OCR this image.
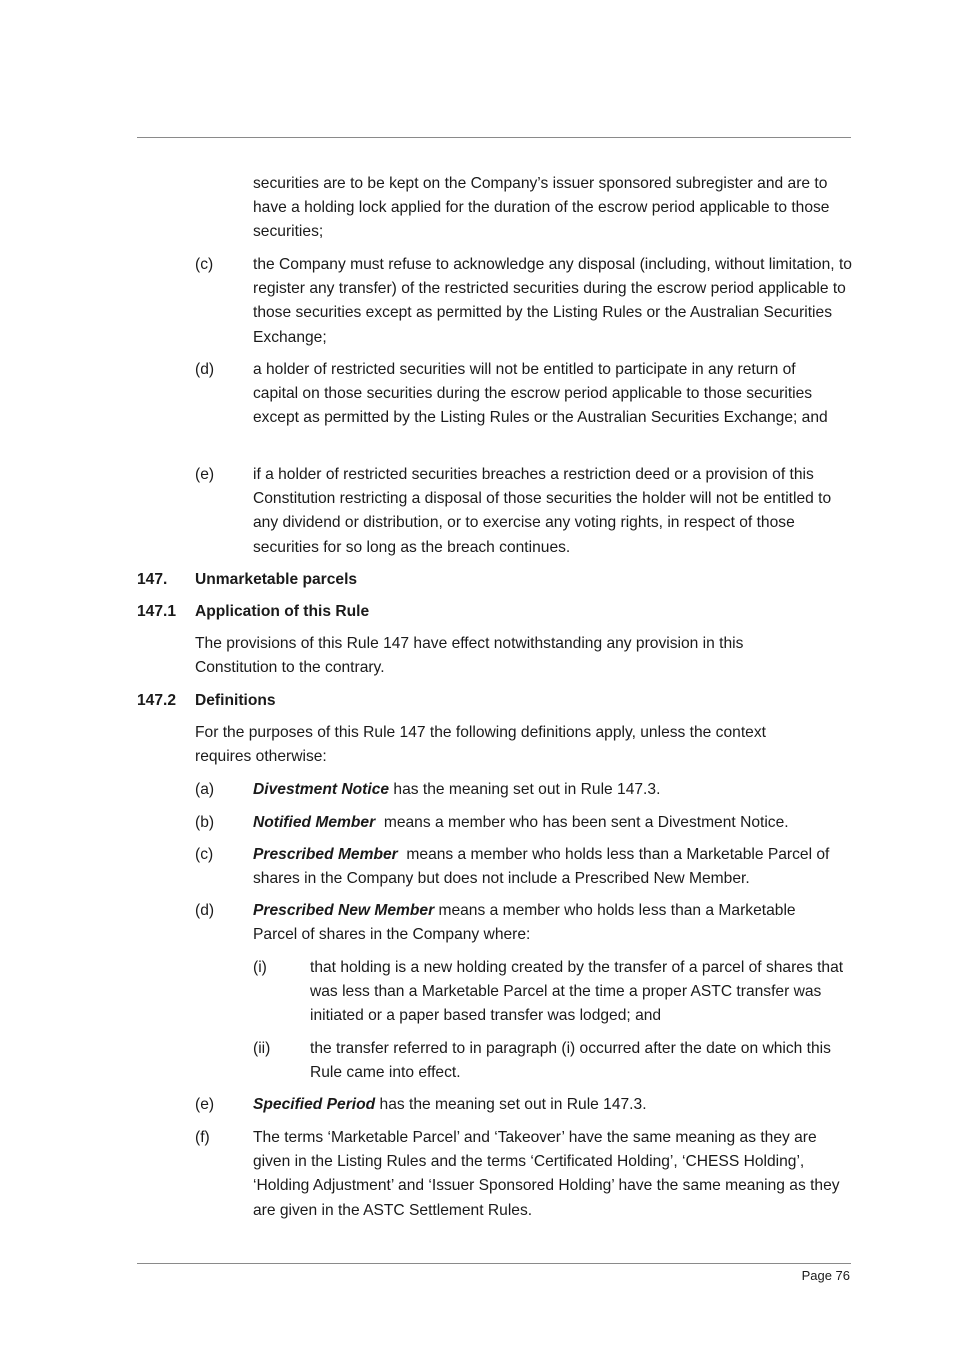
securities are to be kept on the Company’s issuer sponsored subregister and are to have a holding lock applied for the duration of the escrow period applicable to those securities;

(c)	the Company must refuse to acknowledge any disposal (including, without limitation, to register any transfer) of the restricted securities during the escrow period applicable to those securities except as permitted by the Listing Rules or the Australian Securities Exchange;

(d) a holder of restricted securities will not be entitled to participate in any return of capital on those securities during the escrow period applicable to those securities except as permitted by the Listing Rules or the Australian Securities Exchange; and

(e) if a holder of restricted securities breaches a restriction deed or a provision of this Constitution restricting a disposal of those securities the holder will not be entitled to any dividend or distribution, or to exercise any voting rights, in respect of those securities for so long as the breach continues.

147. Unmarketable parcels
147.1 Application of this Rule

The provisions of this Rule 147 have effect notwithstanding any provision in this Constitution to the contrary.

147.2 Definitions

For the purposes of this Rule 147 the following definitions apply, unless the context requires otherwise:

(a) Divestment Notice has the meaning set out in Rule 147.3.

(b) Notified Member  means a member who has been sent a Divestment Notice.

(c)	Prescribed Member  means a member who holds less than a Marketable Parcel of shares in the Company but does not include a Prescribed New Member.

(d) Prescribed New Member means a member who holds less than a Marketable Parcel of shares in the Company where:

(i)	that holding is a new holding created by the transfer of a parcel of shares that was less than a Marketable Parcel at the time a proper ASTC transfer was initiated or a paper based transfer was lodged; and

(ii)	the transfer referred to in paragraph (i) occurred after the date on which this Rule came into effect.

(e) Specified Period has the meaning set out in Rule 147.3.

(f)	The terms ‘Marketable Parcel’ and ‘Takeover’ have the same meaning as they are given in the Listing Rules and the terms ‘Certificated Holding’, ‘CHESS Holding’, ‘Holding Adjustment’ and ‘Issuer Sponsored Holding’ have the same meaning as they are given in the ASTC Settlement Rules.

Page 76
